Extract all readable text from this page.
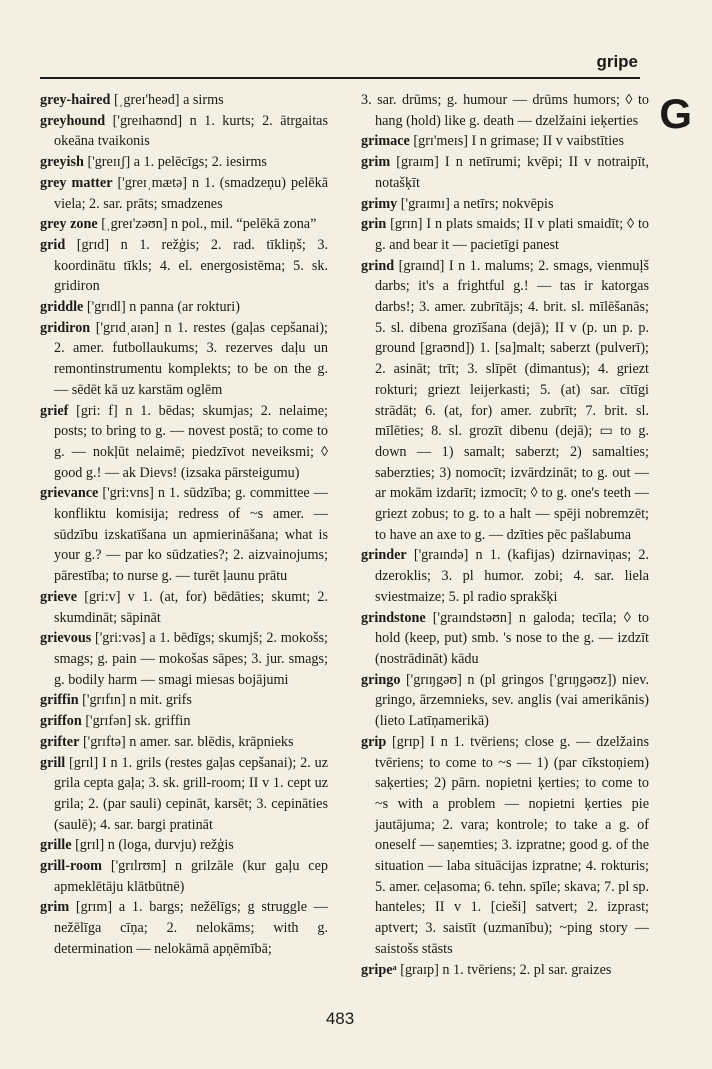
gripe
G

grey-haired [ˌgreɪ'heəd] a sirms

greyhound ['greɪhaʊnd] n 1. kurts; 2. ātrgaitas okeāna tvaikonis

greyish ['greɪɪʃ] a 1. pelēcīgs; 2. iesirms

grey matter ['greɪˌmætə] n 1. (smadzeņu) pelēkā viela; 2. sar. prāts; smadzenes

grey zone [ˌgreɪ'zəʊn] n pol., mil. “pelēkā zona”

grid [grɪd] n 1. režģis; 2. rad. tīkliņš; 3. koordinātu tīkls; 4. el. energosistēma; 5. sk. gridiron

griddle ['grɪdl] n panna (ar rokturi)

gridiron ['grɪdˌaɪən] n 1. restes (gaļas cepšanai); 2. amer. futbollaukums; 3. rezerves daļu un remontinstrumentu komplekts; to be on the g. — sēdēt kā uz karstām oglēm

grief [gri: f] n 1. bēdas; skumjas; 2. nelaime; posts; to bring to g. — novest postā; to come to g. — nokļūt nelaimē; piedzīvot neveiksmi; ◊ good g.! — ak Dievs! (izsaka pārsteigumu)

grievance ['gri:vns] n 1. sūdzība; g. committee — konfliktu komisija; redress of ~s amer. — sūdzību izskatīšana un apmierināšana; what is your g.? — par ko sūdzaties?; 2. aizvainojums; pārestība; to nurse g. — turēt ļaunu prātu

grieve [gri:v] v 1. (at, for) bēdāties; skumt; 2. skumdināt; sāpināt

grievous ['gri:vəs] a 1. bēdīgs; skumjš; 2. mokošs; smags; g. pain — mokošas sāpes; 3. jur. smags; g. bodily harm — smagi miesas bojājumi

griffin ['grɪfɪn] n mit. grifs

griffon ['grɪfən] sk. griffin

grifter ['grɪftə] n amer. sar. blēdis, krāpnieks

grill [grɪl] I n 1. grils (restes gaļas cepšanai); 2. uz grila cepta gaļa; 3. sk. grill-room; II v 1. cept uz grila; 2. (par sauli) cepināt, karsēt; 3. cepināties (saulē); 4. sar. bargi pratināt

grille [grɪl] n (loga, durvju) režģis

grill-room ['grɪlrʊm] n grilzāle (kur gaļu cep apmeklētāju klātbūtnē)

grim [grɪm] a 1. bargs; nežēlīgs; g struggle — nežēlīga cīņa; 2. nelokāms; with g. determination — nelokāmā apņēmībā;

3. sar. drūms; g. humour — drūms humors; ◊ to hang (hold) like g. death — dzelžaini ieķerties

grimace [grɪ'meɪs] I n grimase; II v vaibstīties

grim [graɪm] I n netīrumi; kvēpi; II v notraipīt, notašķīt

grimy ['graɪmɪ] a netīrs; nokvēpis

grin [grɪn] I n plats smaids; II v plati smaidīt; ◊ to g. and bear it — pacietīgi panest

grind [graɪnd] I n 1. malums; 2. smags, vienmuļš darbs; it's a frightful g.! — tas ir katorgas darbs!; 3. amer. zubrītājs; 4. brit. sl. mīlēšanās; 5. sl. dibena grozīšana (dejā); II v (p. un p. p. ground [graʊnd]) 1. [sa]malt; saberzt (pulverī); 2. asināt; trīt; 3. slīpēt (dimantus); 4. griezt rokturi; griezt leijerkasti; 5. (at) sar. cītīgi strādāt; 6. (at, for) amer. zubrīt; 7. brit. sl. mīlēties; 8. sl. grozīt dibenu (dejā); ▭ to g. down — 1) samalt; saberzt; 2) samalties; saberzties; 3) nomocīt; izvārdzināt; to g. out — ar mokām izdarīt; izmocīt; ◊ to g. one's teeth — griezt zobus; to g. to a halt — spēji nobremzēt; to have an axe to g. — dzīties pēc pašlabuma

grinder ['graɪndə] n 1. (kafijas) dzirnaviņas; 2. dzeroklis; 3. pl humor. zobi; 4. sar. liela sviestmaize; 5. pl radio sprakšķi

grindstone ['graɪndstəʊn] n galoda; tecīla; ◊ to hold (keep, put) smb. 's nose to the g. — izdzīt (nostrādināt) kādu

gringo ['grɪŋgəʊ] n (pl gringos ['grɪŋgəʊz]) niev. gringo, ārzemnieks, sev. anglis (vai amerikānis) (lieto Latīņamerikā)

grip [grɪp] I n 1. tvēriens; close g. — dzelžains tvēriens; to come to ~s — 1) (par cīkstoņiem) saķerties; 2) pārn. nopietni ķerties; to come to ~s with a problem — nopietni ķerties pie jautājuma; 2. vara; kontrole; to take a g. of oneself — saņemties; 3. izpratne; good g. of the situation — laba situācijas izpratne; 4. rokturis; 5. amer. ceļasoma; 6. tehn. spīle; skava; 7. pl sp. hanteles; II v 1. [cieši] satvert; 2. izprast; aptvert; 3. saistīt (uzmanību); ~ping story — saistošs stāsts

gripeᵃ [graɪp] n 1. tvēriens; 2. pl sar. graizes

483
